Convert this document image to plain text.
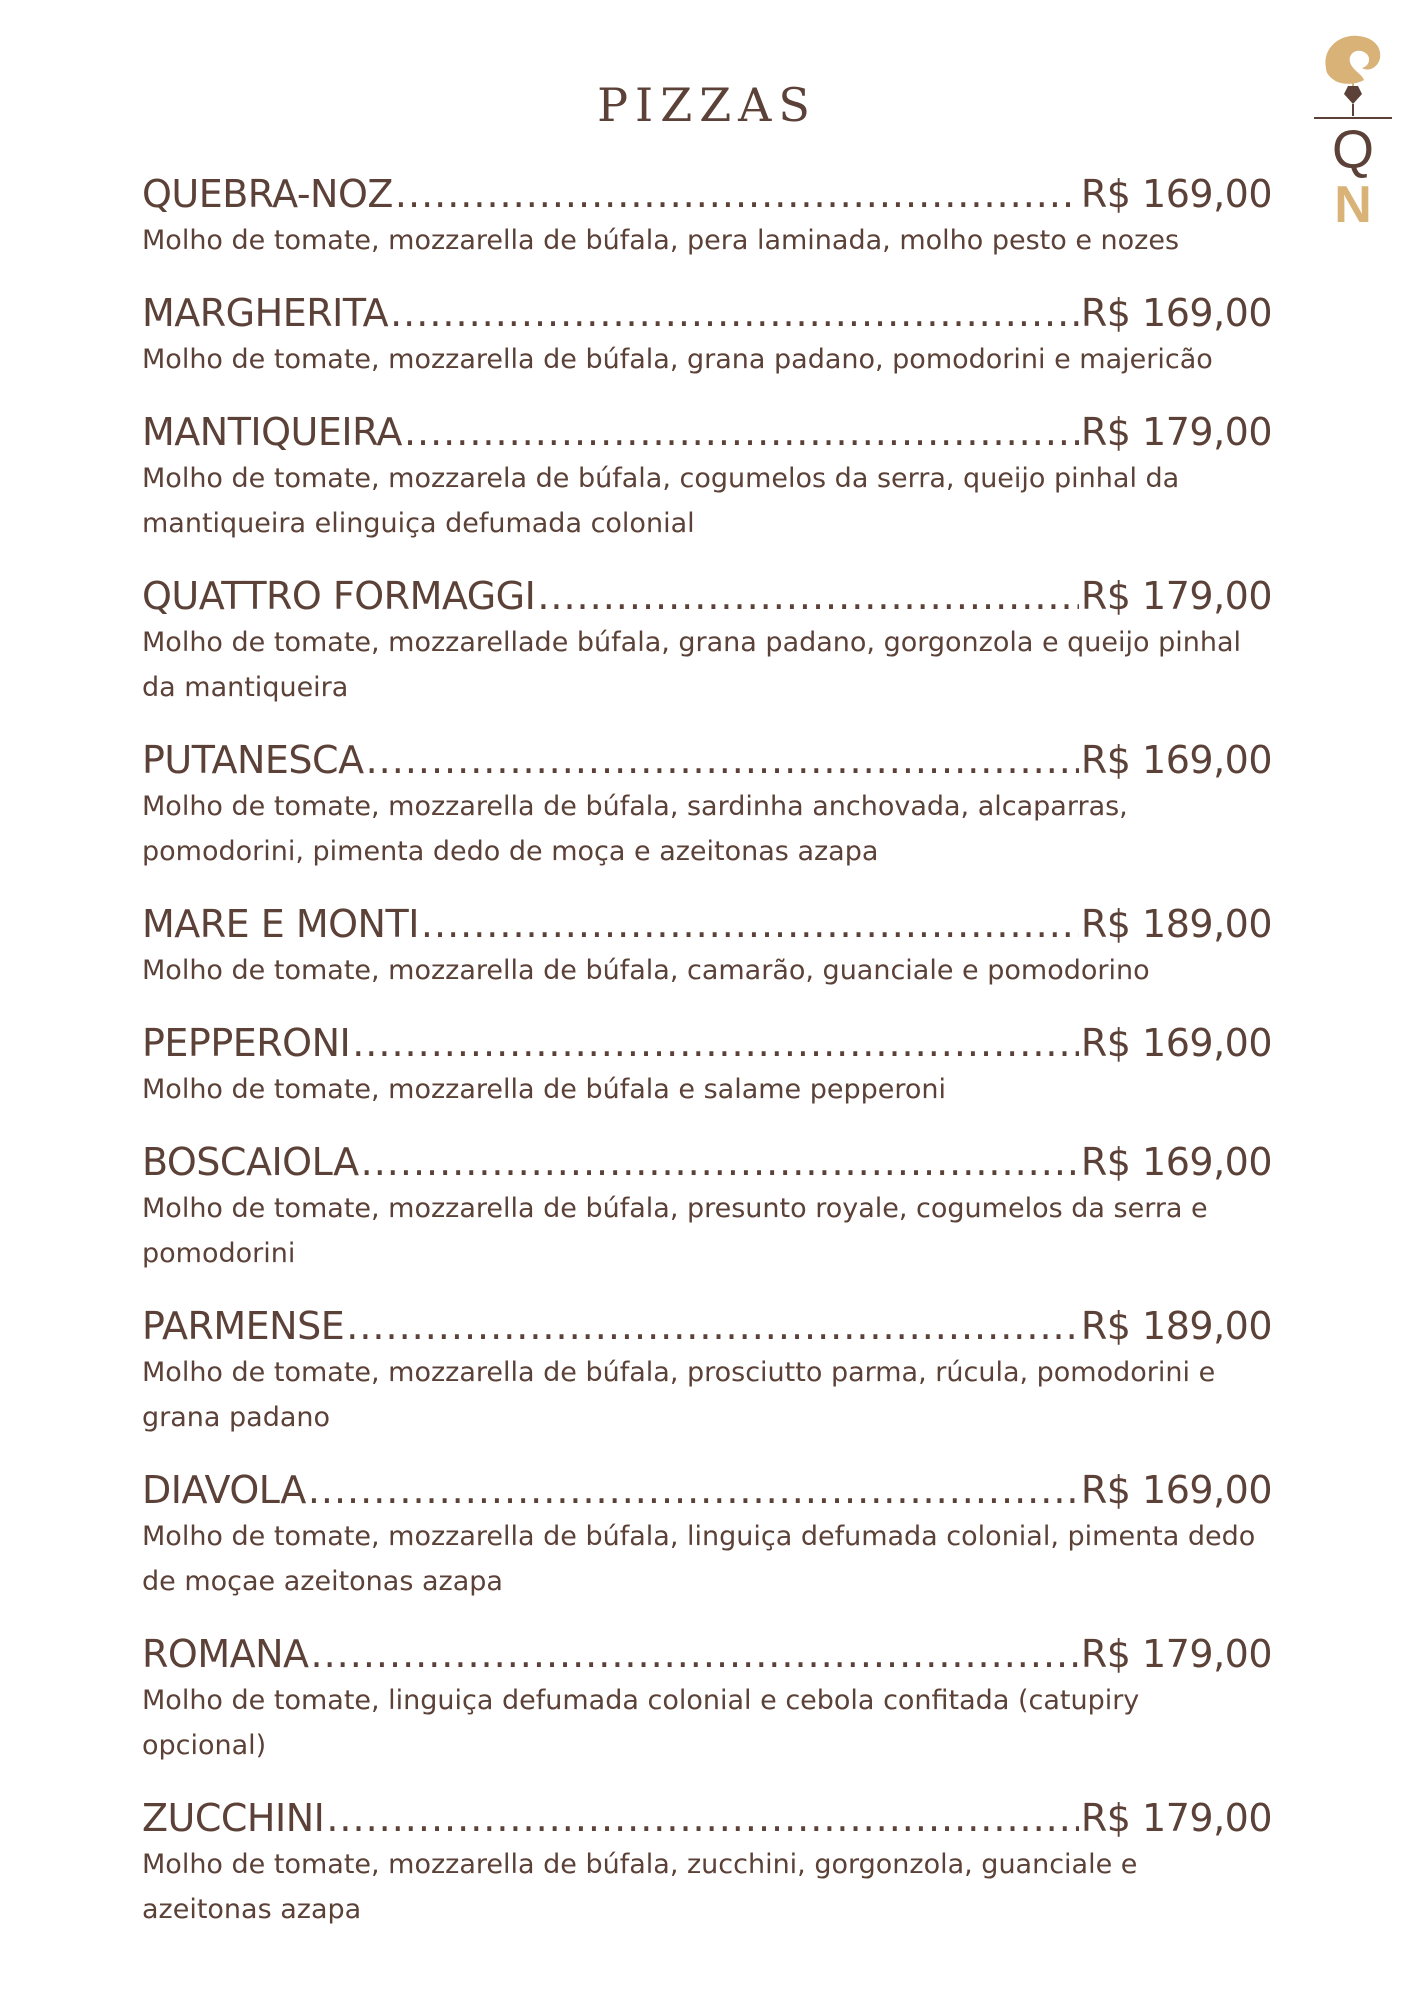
PIZZAS
Q
N
QUEBRA-NOZ .....	R$ 169,00

Molho de tomate, mozzarella de búfala, pera laminada, molho pesto e nozes

MARGHERITA .....	R$ 169,00

Molho de tomate, mozzarella de búfala, grana padano, pomodorini e majericão

MANTIQUEIRA .....	R$ 179,00

Molho de tomate, mozzarela de búfala, cogumelos da serra, queijo pinhal da mantiqueira elinguiça defumada colonial

QUATTRO FORMAGGI .....	R$ 179,00

Molho de tomate, mozzarellade búfala, grana padano, gorgonzola e queijo pinhal da mantiqueira

PUTANESCA .....	R$ 169,00

Molho de tomate, mozzarella de búfala, sardinha anchovada, alcaparras, pomodorini, pimenta dedo de moça e azeitonas azapa

MARE E MONTI .....	R$ 189,00

Molho de tomate, mozzarella de búfala, camarão, guanciale e pomodorino

PEPPERONI .....	R$ 169,00

Molho de tomate, mozzarella de búfala e salame pepperoni

BOSCAIOLA .....	R$ 169,00

Molho de tomate, mozzarella de búfala, presunto royale, cogumelos da serra e pomodorini

PARMENSE .....	R$ 189,00

Molho de tomate, mozzarella de búfala, prosciutto parma, rúcula, pomodorini e grana padano

DIAVOLA .....	R$ 169,00

Molho de tomate, mozzarella de búfala, linguiça defumada colonial, pimenta dedo de moçae azeitonas azapa

ROMANA .....	R$ 179,00

Molho de tomate, linguiça defumada colonial e cebola confitada (catupiry opcional)

ZUCCHINI .....	R$ 179,00

Molho de tomate, mozzarella de búfala, zucchini, gorgonzola, guanciale e azeitonas azapa
